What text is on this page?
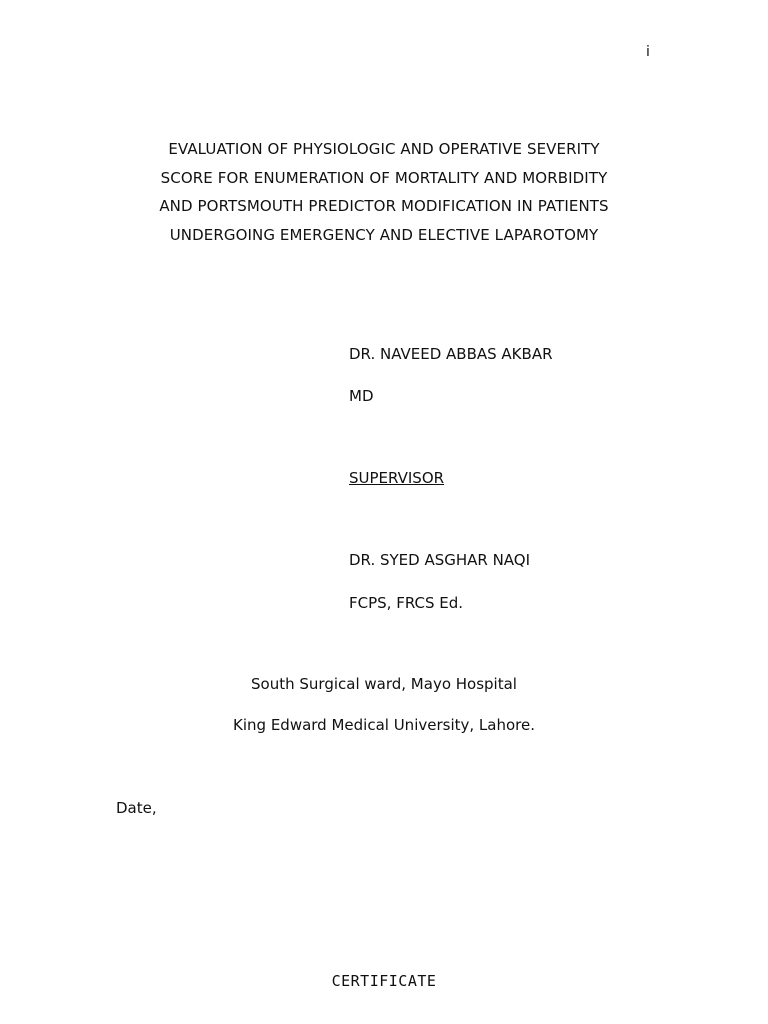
i
EVALUATION OF PHYSIOLOGIC AND OPERATIVE SEVERITY
SCORE FOR ENUMERATION OF MORTALITY AND MORBIDITY
AND PORTSMOUTH PREDICTOR MODIFICATION IN PATIENTS
UNDERGOING EMERGENCY AND ELECTIVE LAPAROTOMY
DR. NAVEED ABBAS AKBAR
MD
SUPERVISOR
DR. SYED ASGHAR NAQI
FCPS, FRCS Ed.
South Surgical ward, Mayo Hospital
King Edward Medical University, Lahore.
Date,
CERTIFICATE
